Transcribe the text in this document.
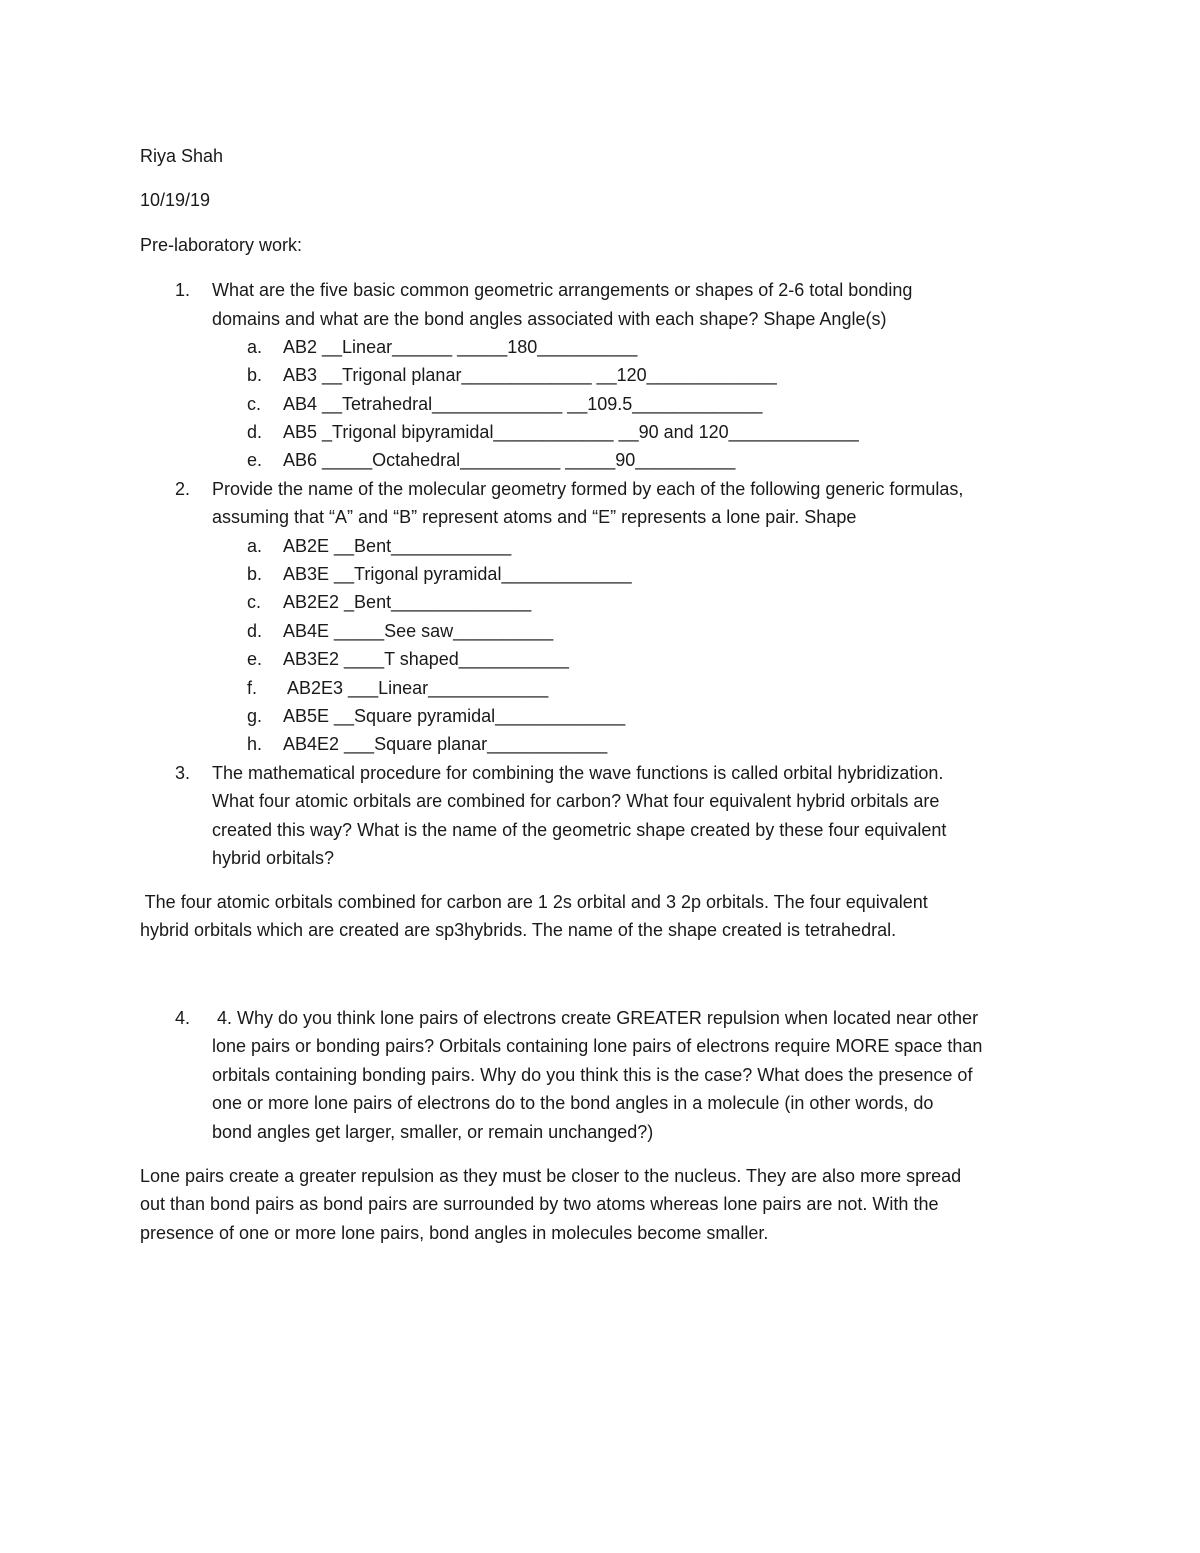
Riya Shah
10/19/19
Pre-laboratory work:
1. What are the five basic common geometric arrangements or shapes of 2-6 total bonding
domains and what are the bond angles associated with each shape? Shape Angle(s)
a. AB2 __Linear______ _____180__________
b. AB3 __Trigonal planar_____________ __120_____________
c. AB4 __Tetrahedral_____________ __109.5_____________
d. AB5 _Trigonal bipyramidal____________ __90 and 120_____________
e. AB6 _____Octahedral__________ _____90__________
2. Provide the name of the molecular geometry formed by each of the following generic formulas,
assuming that “A” and “B” represent atoms and “E” represents a lone pair. Shape
a. AB2E __Bent____________
b. AB3E __Trigonal pyramidal_____________
c. AB2E2 _Bent______________
d. AB4E _____See saw__________
e. AB3E2 ____T shaped___________
f. AB2E3 ___Linear____________
g. AB5E __Square pyramidal_____________
h. AB4E2 ___Square planar____________
3. The mathematical procedure for combining the wave functions is called orbital hybridization.
What four atomic orbitals are combined for carbon? What four equivalent hybrid orbitals are
created this way? What is the name of the geometric shape created by these four equivalent
hybrid orbitals?
The four atomic orbitals combined for carbon are 1 2s orbital and 3 2p orbitals. The four equivalent
hybrid orbitals which are created are sp3hybrids. The name of the shape created is tetrahedral.
4. 4. Why do you think lone pairs of electrons create GREATER repulsion when located near other
lone pairs or bonding pairs? Orbitals containing lone pairs of electrons require MORE space than
orbitals containing bonding pairs. Why do you think this is the case? What does the presence of
one or more lone pairs of electrons do to the bond angles in a molecule (in other words, do
bond angles get larger, smaller, or remain unchanged?)
Lone pairs create a greater repulsion as they must be closer to the nucleus. They are also more spread
out than bond pairs as bond pairs are surrounded by two atoms whereas lone pairs are not. With the
presence of one or more lone pairs, bond angles in molecules become smaller.
